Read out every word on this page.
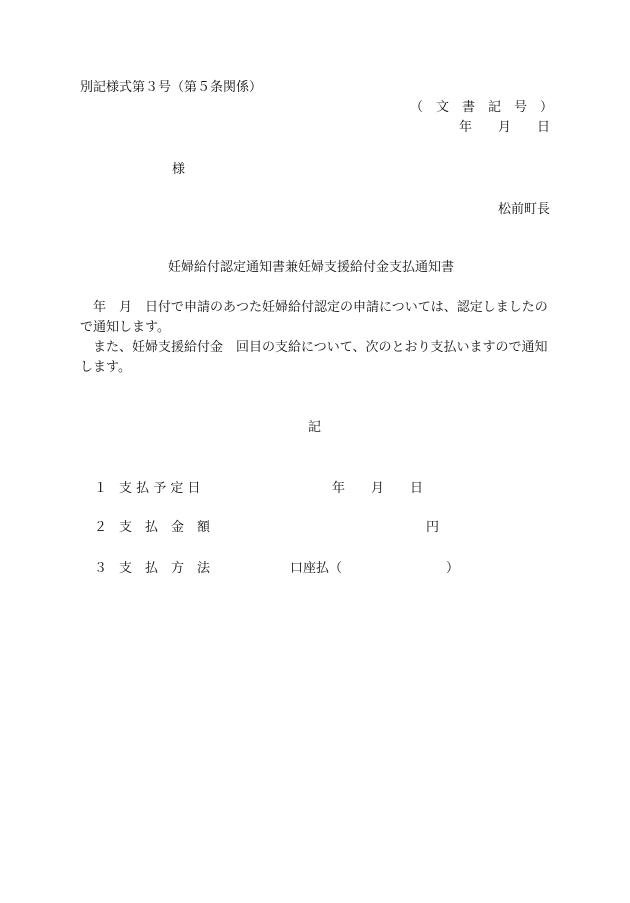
別記様式第３号（第５条関係）
（　文　書　記　号　）
年　　月　　日
様
松前町長
妊婦給付認定通知書兼妊婦支援給付金支払通知書

年　月　日付で申請のあつた妊婦給付認定の申請については、認定しましたので通知します。

また、妊婦支援給付金　回目の支給について、次のとおり支払いますので通知します。

記
１ 支 払 予 定 日	年　　月　　日
２ 支　払　金　額	円
３ 支　払　方　法	口座払（　　　　　　　　）
